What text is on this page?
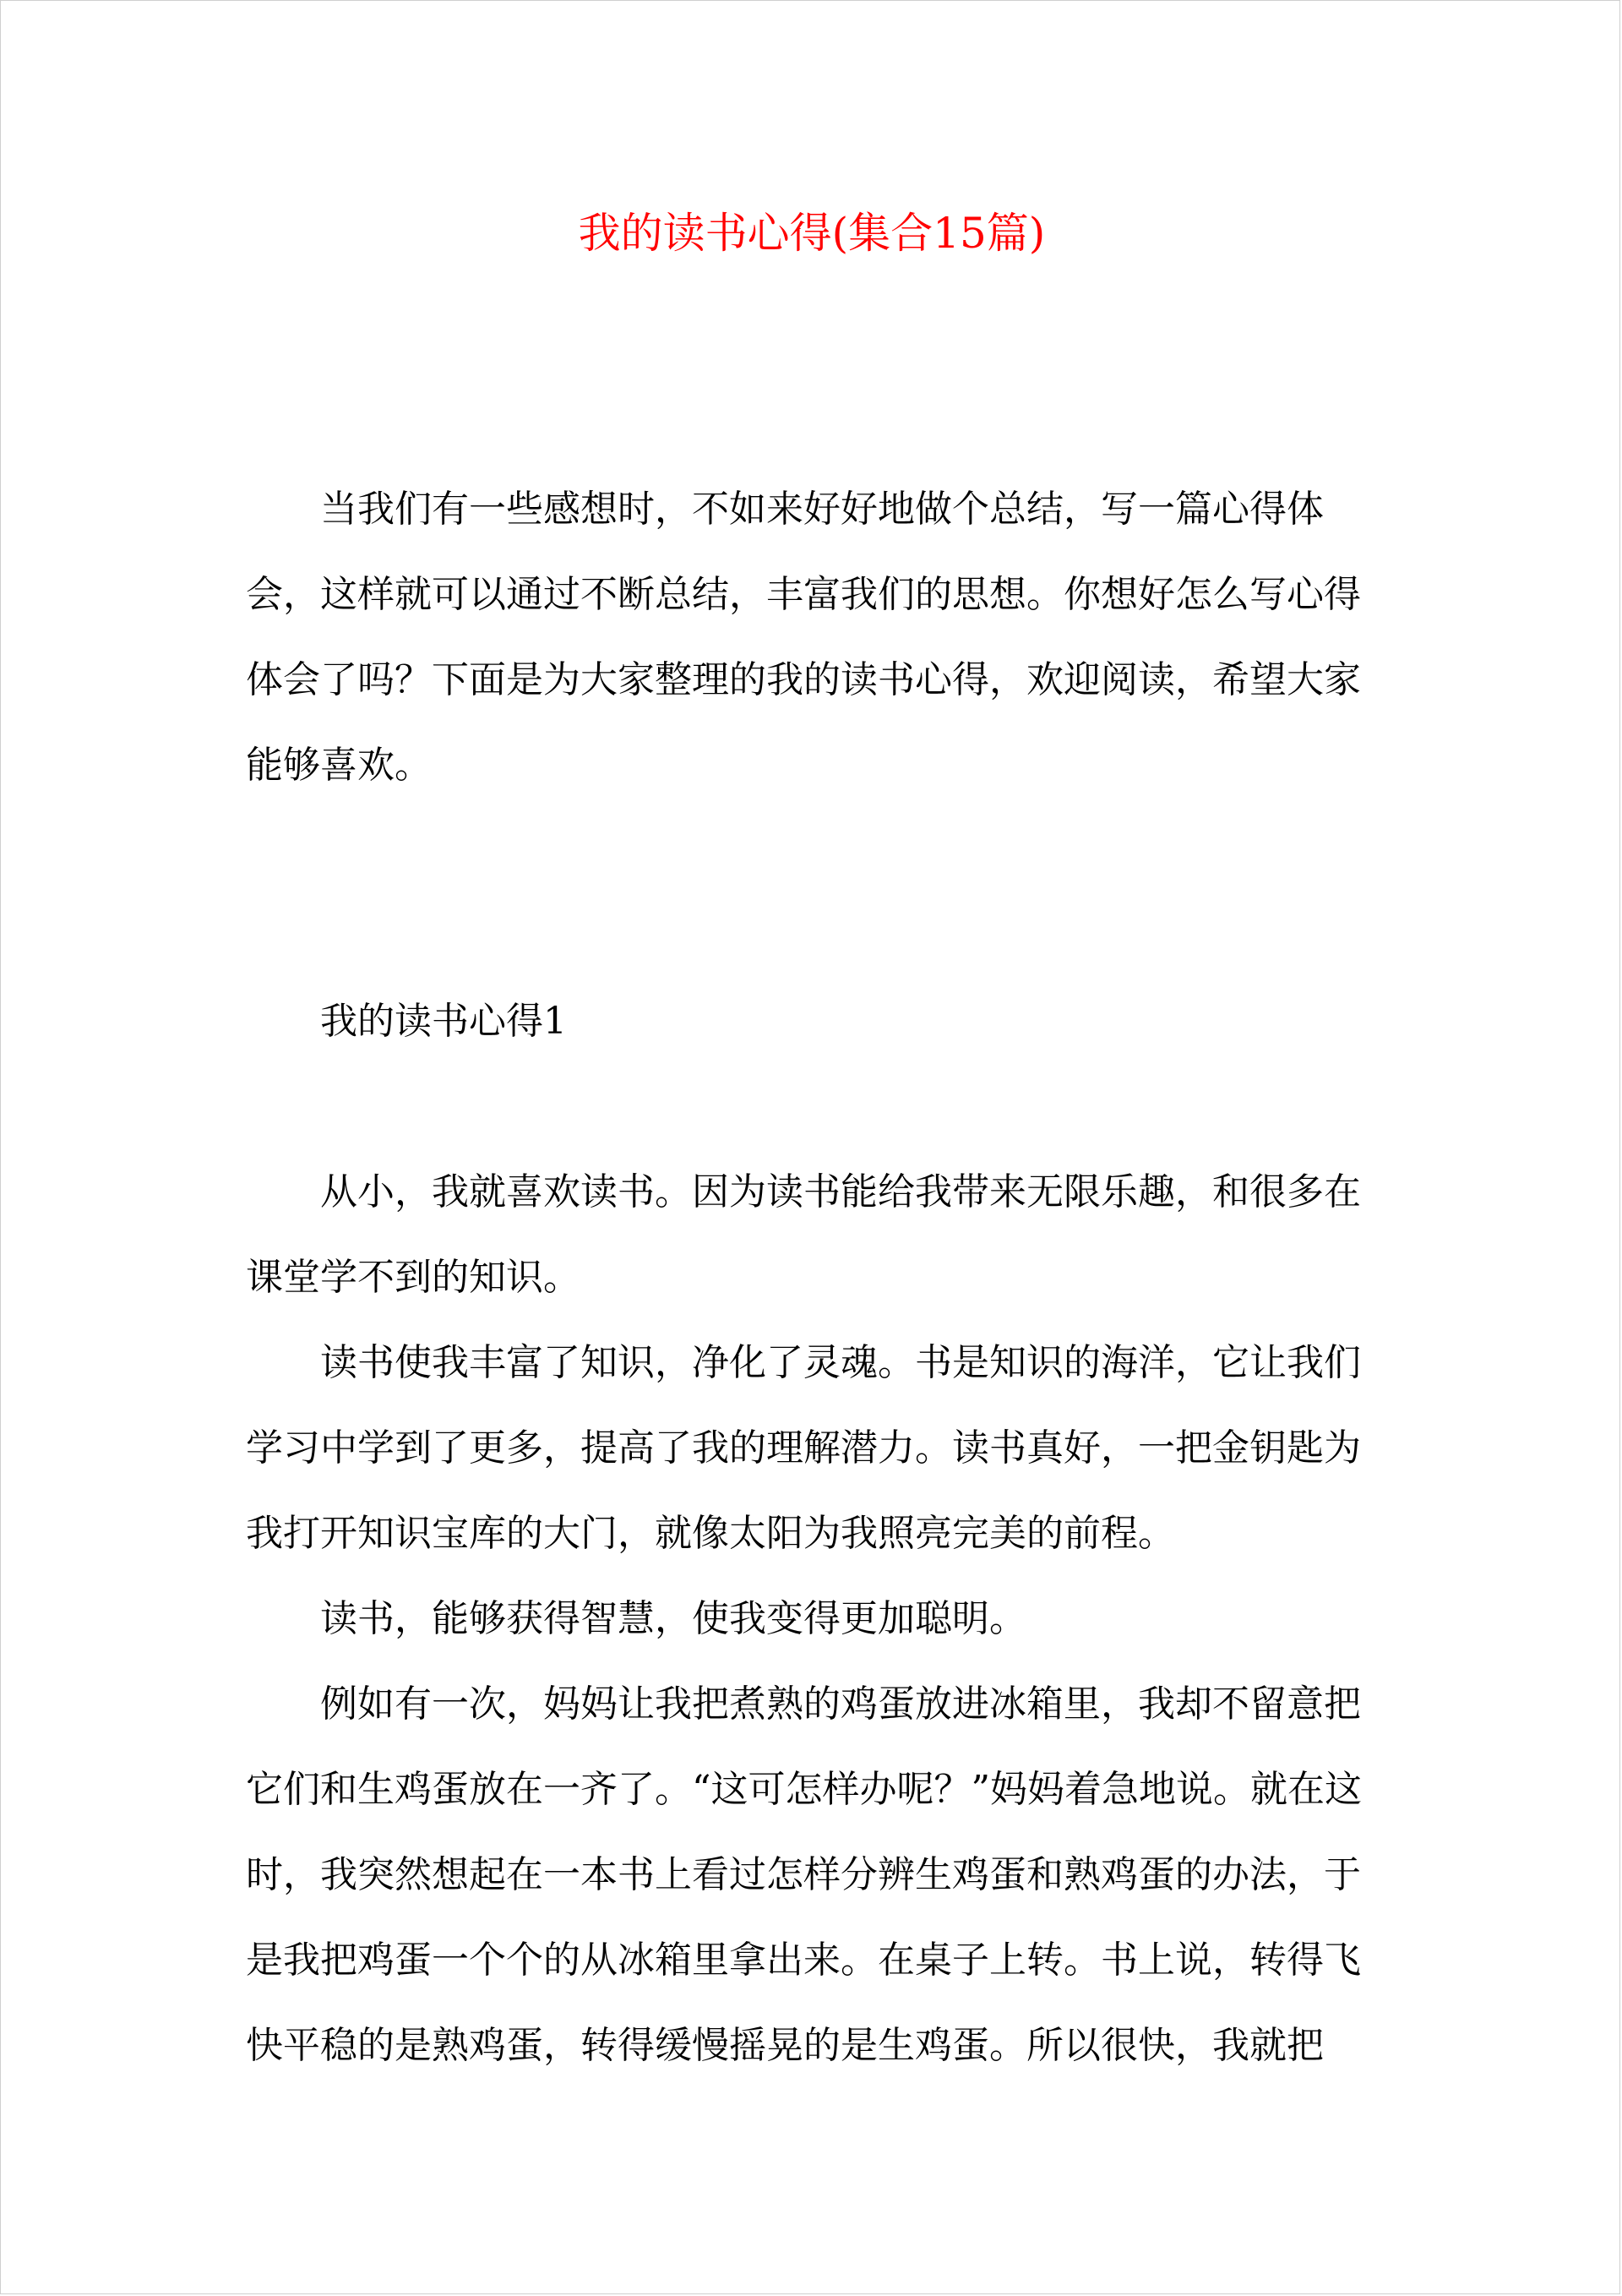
我的读书心得(集合15篇)

当我们有一些感想时，不如来好好地做个总结，写一篇心得体会，这样就可以通过不断总结，丰富我们的思想。你想好怎么写心得体会了吗？下面是为大家整理的我的读书心得，欢迎阅读，希望大家能够喜欢。

我的读书心得1

从小，我就喜欢读书。因为读书能给我带来无限乐趣，和很多在课堂学不到的知识。

读书使我丰富了知识，净化了灵魂。书是知识的海洋，它让我们学习中学到了更多，提高了我的理解潜力。读书真好，一把金钥匙为我打开知识宝库的大门，就像太阳为我照亮完美的前程。

读书，能够获得智慧，使我变得更加聪明。

例如有一次，妈妈让我把煮熟的鸡蛋放进冰箱里，我却不留意把它们和生鸡蛋放在一齐了。“这可怎样办呢？”妈妈着急地说。就在这时，我突然想起在一本书上看过怎样分辨生鸡蛋和熟鸡蛋的办法，于是我把鸡蛋一个个的从冰箱里拿出来。在桌子上转。书上说，转得飞快平稳的是熟鸡蛋，转得缓慢摇晃的是生鸡蛋。所以很快，我就把
